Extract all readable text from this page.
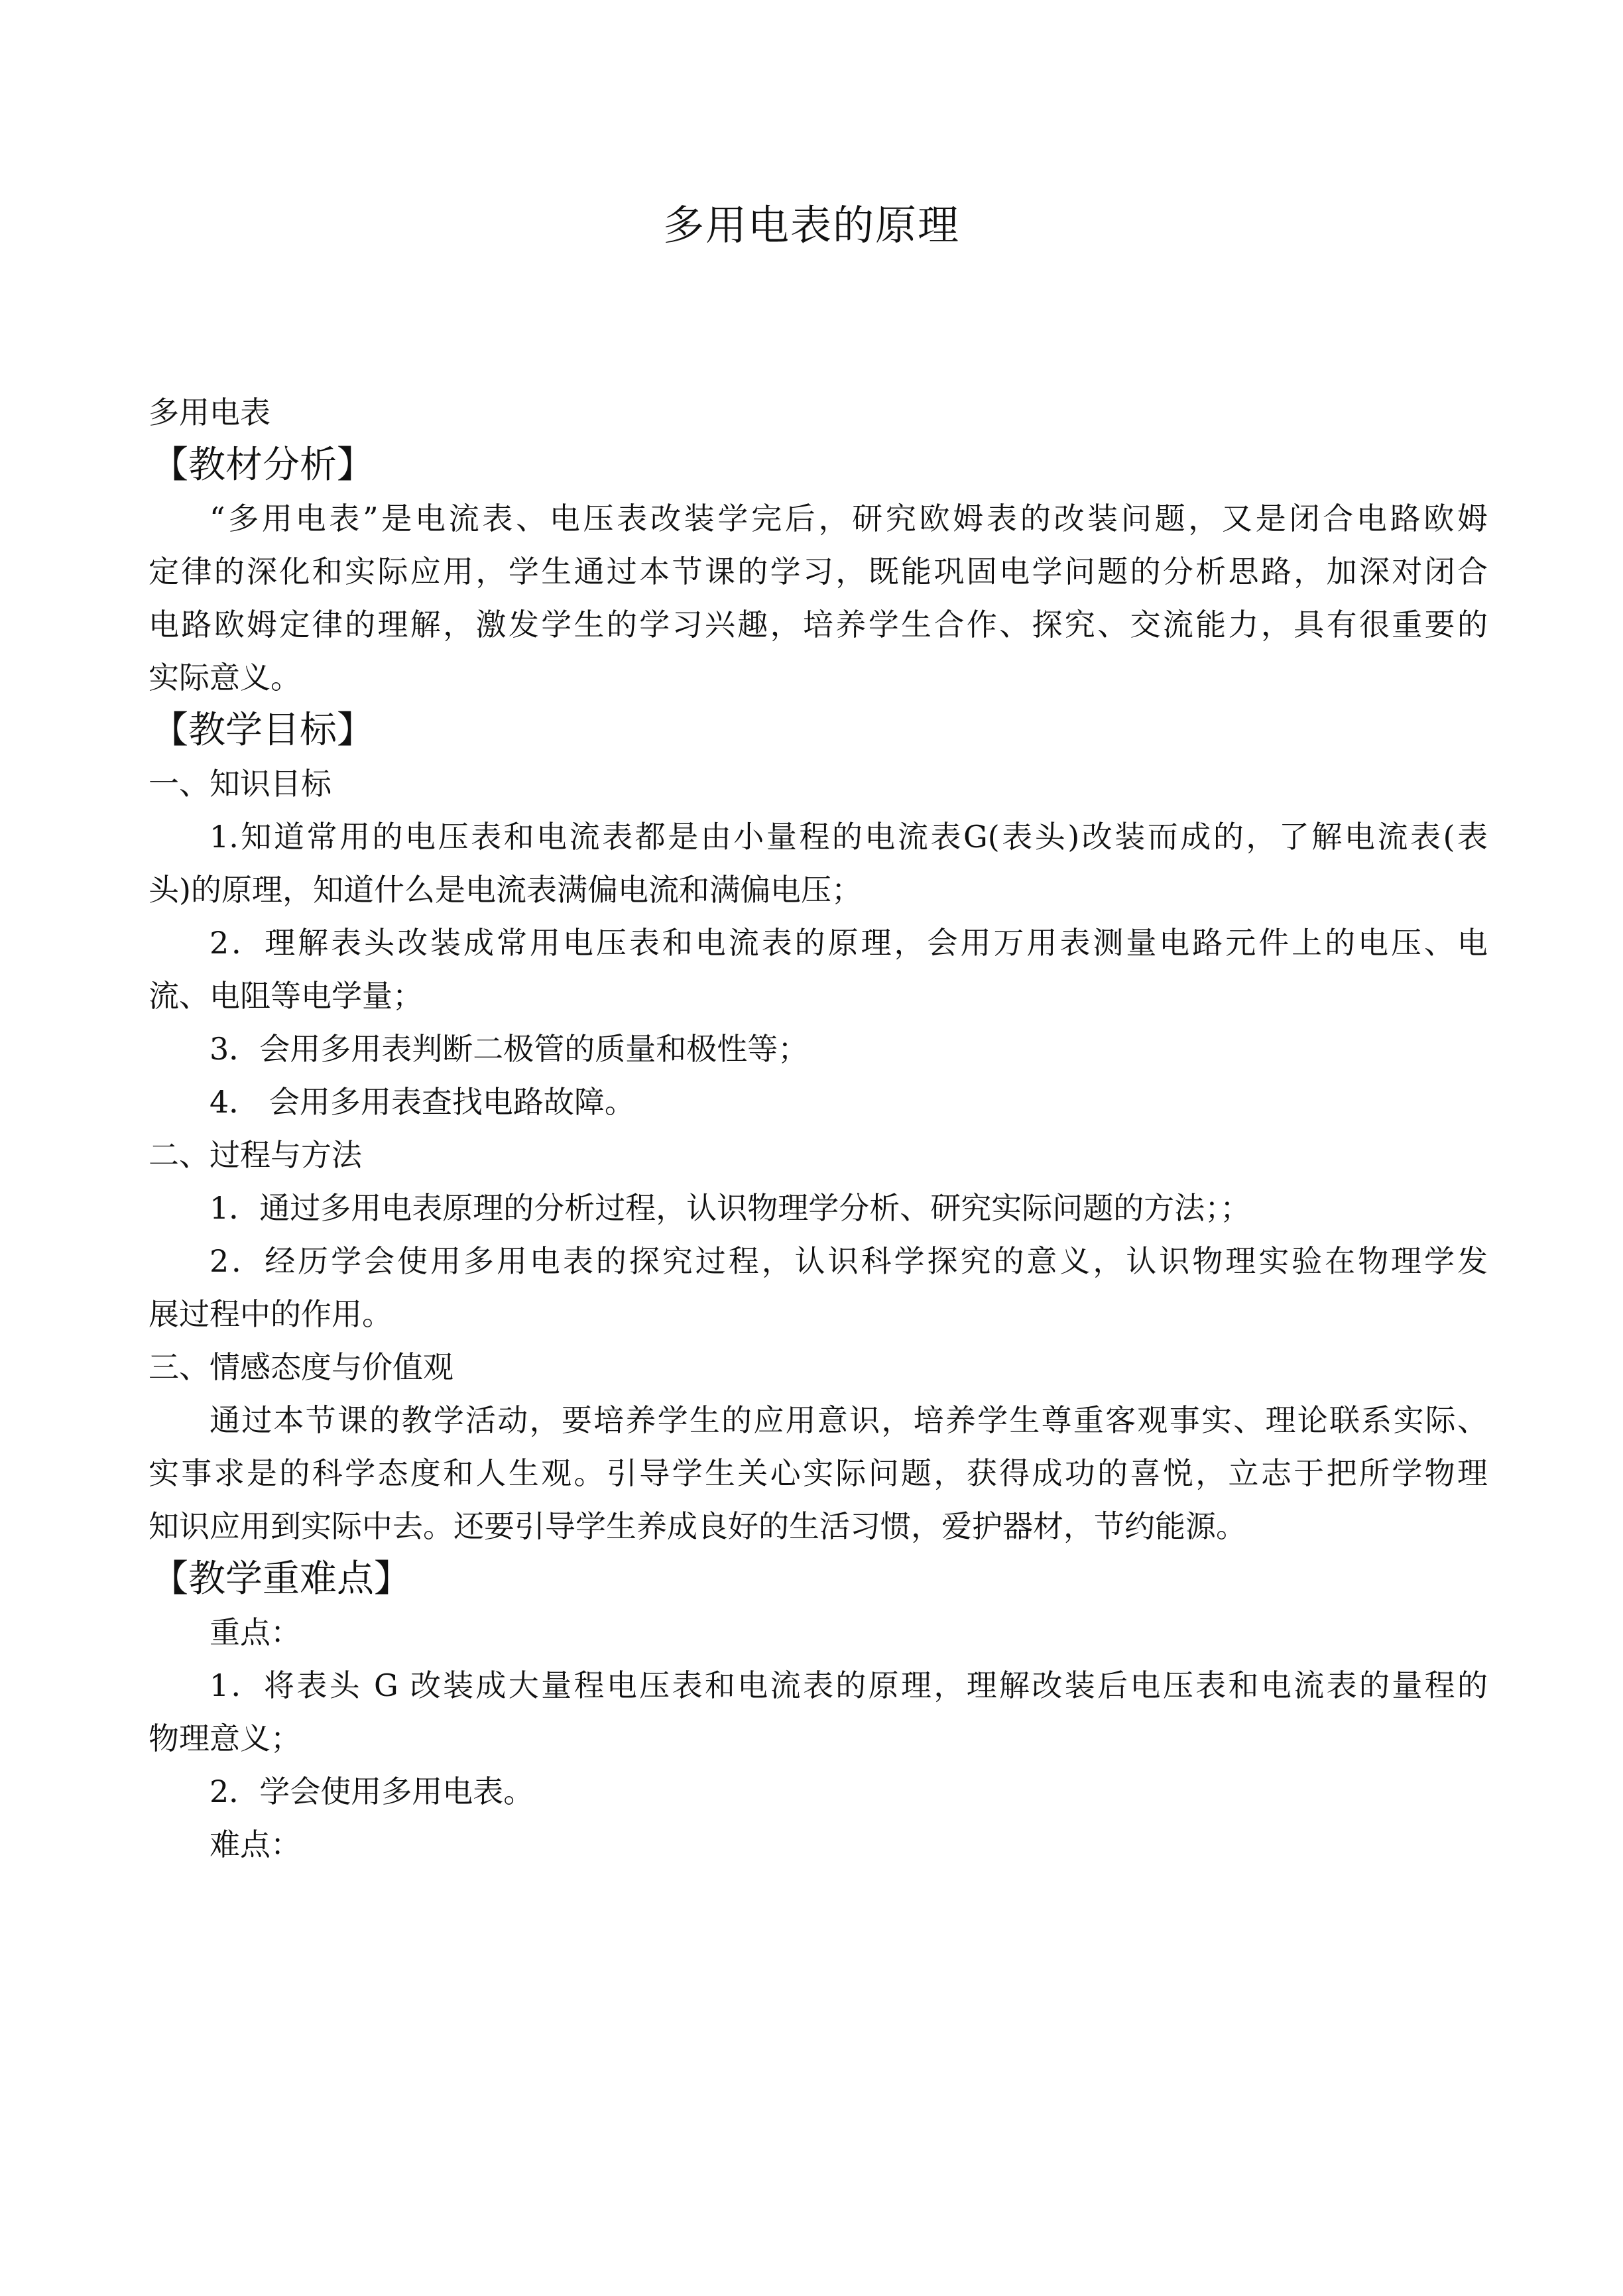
多用电表的原理
多用电表
【教材分析】
“多用电表”是电流表、电压表改装学完后，研究欧姆表的改装问题，又是闭合电路欧姆
定律的深化和实际应用，学生通过本节课的学习，既能巩固电学问题的分析思路，加深对闭合
电路欧姆定律的理解，激发学生的学习兴趣，培养学生合作、探究、交流能力，具有很重要的
实际意义。
【教学目标】
一、知识目标
1.知道常用的电压表和电流表都是由小量程的电流表G(表头)改装而成的，了解电流表(表
头)的原理，知道什么是电流表满偏电流和满偏电压；
2．理解表头改装成常用电压表和电流表的原理，会用万用表测量电路元件上的电压、电
流、电阻等电学量；
3．会用多用表判断二极管的质量和极性等；
4． 会用多用表查找电路故障。
二、过程与方法
1．通过多用电表原理的分析过程，认识物理学分析、研究实际问题的方法；；
2．经历学会使用多用电表的探究过程，认识科学探究的意义，认识物理实验在物理学发
展过程中的作用。
三、情感态度与价值观
通过本节课的教学活动，要培养学生的应用意识，培养学生尊重客观事实、理论联系实际、
实事求是的科学态度和人生观。引导学生关心实际问题，获得成功的喜悦，立志于把所学物理
知识应用到实际中去。还要引导学生养成良好的生活习惯，爱护器材，节约能源。
【教学重难点】
重点：
1．将表头 G 改装成大量程电压表和电流表的原理，理解改装后电压表和电流表的量程的
物理意义；
2．学会使用多用电表。
难点：
